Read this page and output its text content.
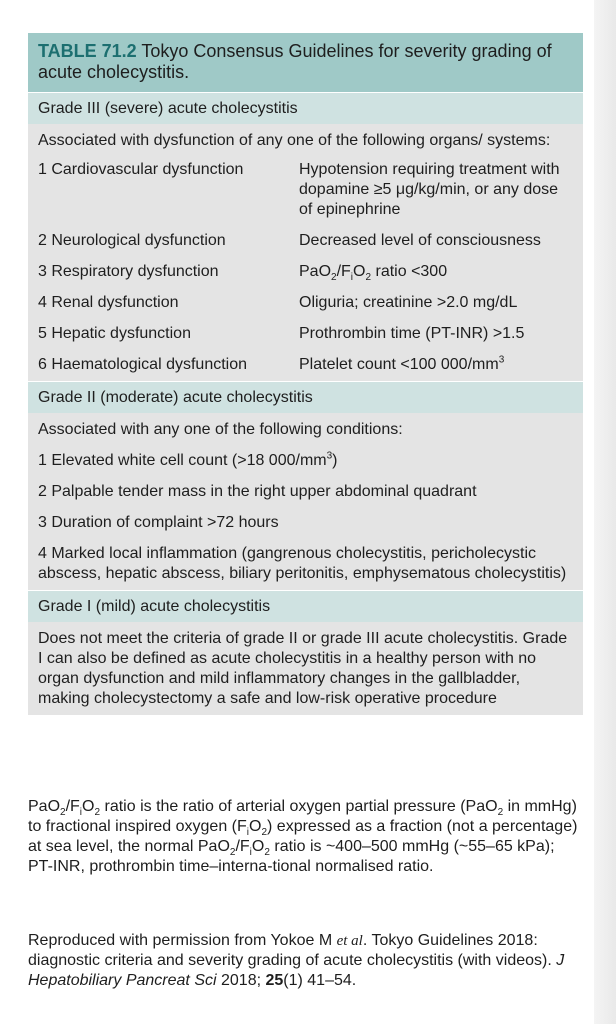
TABLE 71.2 Tokyo Consensus Guidelines for severity grading of acute cholecystitis.
Grade III (severe) acute cholecystitis
Associated with dysfunction of any one of the following organs/ systems:
1 Cardiovascular dysfunction	Hypotension requiring treatment with dopamine ≥5 μg/kg/min, or any dose of epinephrine
2 Neurological dysfunction	Decreased level of consciousness
3 Respiratory dysfunction	$PaO_2/F_iO_2$ ratio <300
4 Renal dysfunction	Oliguria; creatinine >2.0 mg/dL
5 Hepatic dysfunction	Prothrombin time (PT-INR) >1.5
6 Haematological dysfunction	Platelet count <100 $000/mm^3$
Grade II (moderate) acute cholecystitis
Associated with any one of the following conditions:
1 Elevated white cell count (>18 $000/mm^3$)
2 Palpable tender mass in the right upper abdominal quadrant
3 Duration of complaint >72 hours
4 Marked local inflammation (gangrenous cholecystitis, pericholecystic abscess, hepatic abscess, biliary peritonitis, emphysematous cholecystitis)
Grade I (mild) acute cholecystitis
Does not meet the criteria of grade II or grade III acute cholecystitis. Grade I can also be defined as acute cholecystitis in a healthy person with no organ dysfunction and mild inflammatory changes in the gallbladder, making cholecystectomy a safe and low-risk operative procedure
$PaO_2/F_iO_2$ ratio is the ratio of arterial oxygen partial pressure (PaO$_2$ in mmHg) to fractional inspired oxygen $(F_iO_2)$ expressed as a fraction (not a percentage) at sea level, the normal $PaO_2/F_iO_2$ ratio is ~400–500 mmHg (~55–65 kPa); PT-INR, prothrombin time–interna-tional normalised ratio.
Reproduced with permission from Yokoe M et al. Tokyo Guidelines 2018: diagnostic criteria and severity grading of acute cholecystitis (with videos). J Hepatobiliary Pancreat Sci 2018; 25(1) 41–54.
